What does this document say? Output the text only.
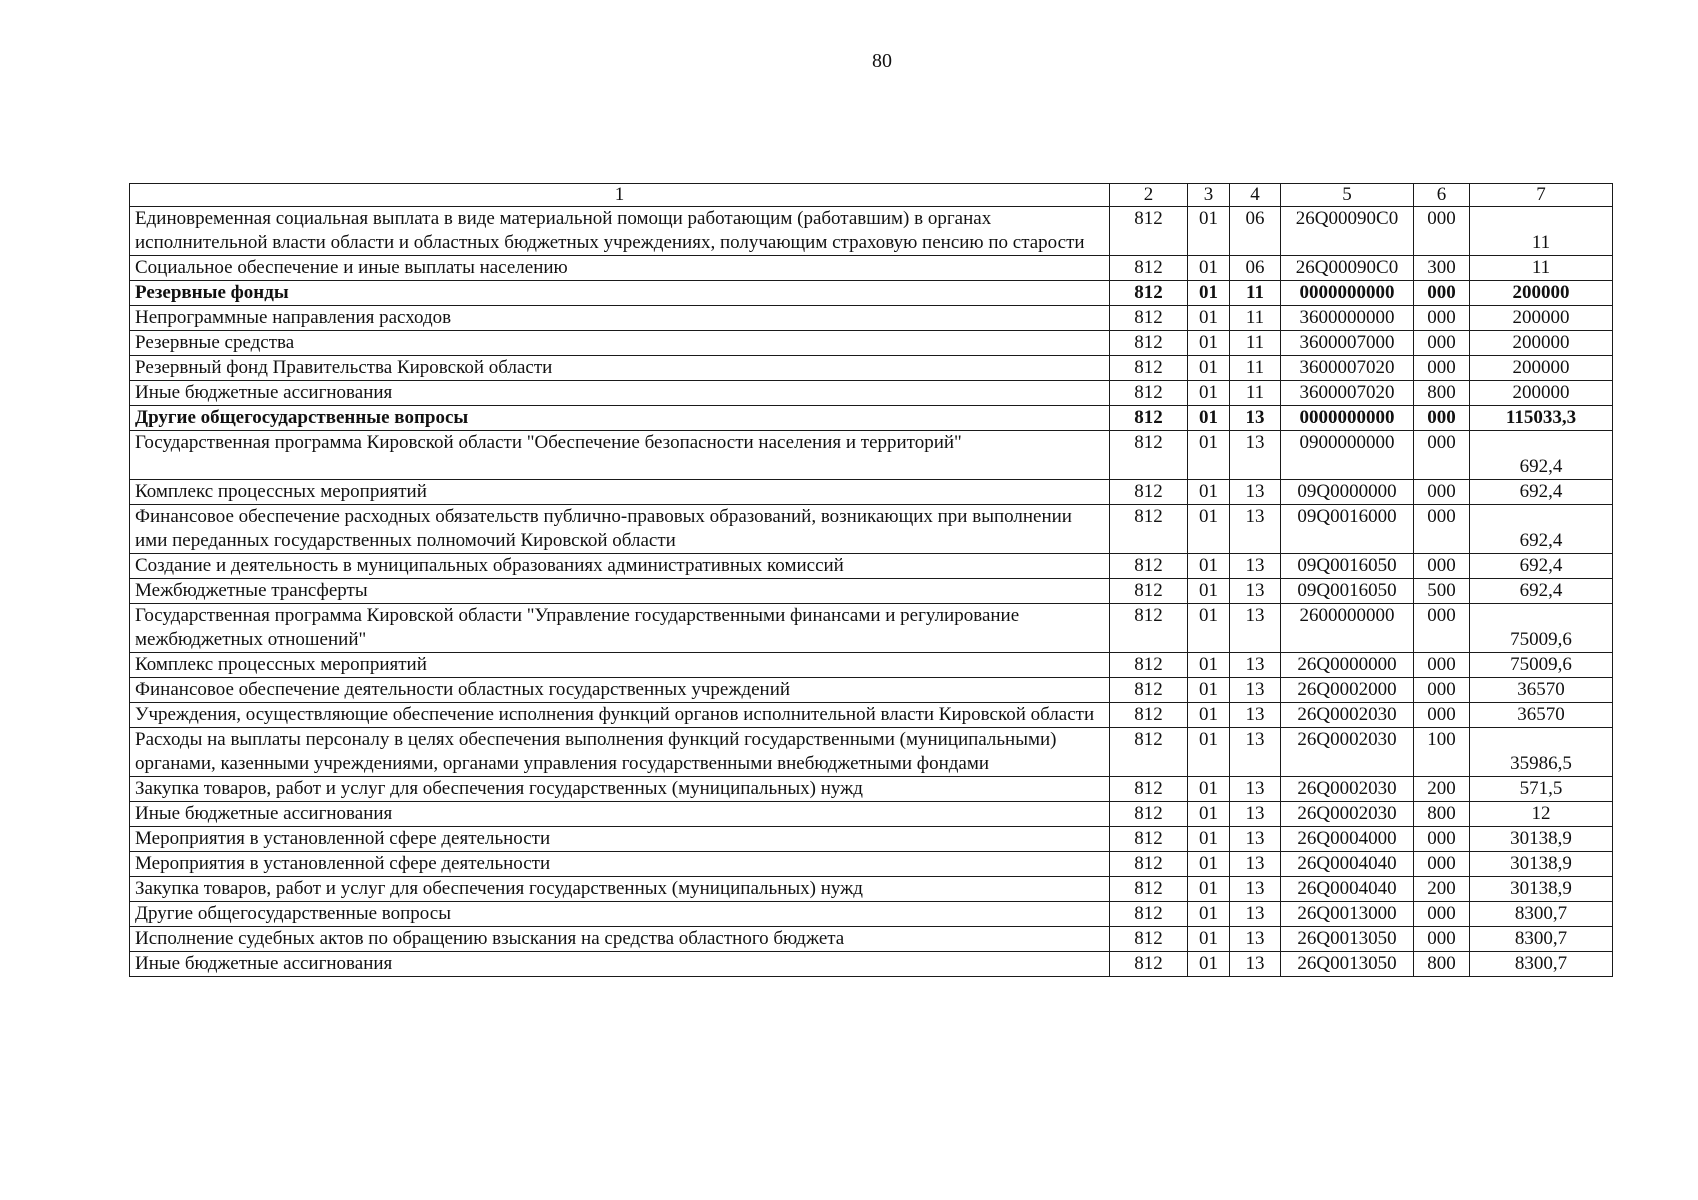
80
1	2	3	4	5	6	7
Единовременная социальная выплата в виде материальной помощи работающим (работавшим) в органах исполнительной власти области и областных бюджетных учреждениях, получающим страховую пенсию по старости	812	01	06	26Q00090C0	000	11
Социальное обеспечение и иные выплаты населению	812	01	06	26Q00090C0	300	11
Резервные фонды	812	01	11	0000000000	000	200000
Непрограммные направления расходов	812	01	11	3600000000	000	200000
Резервные средства	812	01	11	3600007000	000	200000
Резервный фонд Правительства Кировской области	812	01	11	3600007020	000	200000
Иные бюджетные ассигнования	812	01	11	3600007020	800	200000
Другие общегосударственные вопросы	812	01	13	0000000000	000	115033,3
Государственная программа Кировской области "Обеспечение безопасности населения и территорий"	812	01	13	0900000000	000	692,4
Комплекс процессных мероприятий	812	01	13	09Q0000000	000	692,4
Финансовое обеспечение расходных обязательств публично-правовых образований, возникающих при выполнении ими переданных государственных полномочий Кировской области	812	01	13	09Q0016000	000	692,4
Создание и деятельность в муниципальных образованиях административных комиссий	812	01	13	09Q0016050	000	692,4
Межбюджетные трансферты	812	01	13	09Q0016050	500	692,4
Государственная программа Кировской области "Управление государственными финансами и регулирование межбюджетных отношений"	812	01	13	2600000000	000	75009,6
Комплекс процессных мероприятий	812	01	13	26Q0000000	000	75009,6
Финансовое обеспечение деятельности областных государственных учреждений	812	01	13	26Q0002000	000	36570
Учреждения, осуществляющие обеспечение исполнения функций органов исполнительной власти Кировской области	812	01	13	26Q0002030	000	36570
Расходы на выплаты персоналу в целях обеспечения выполнения функций государственными (муниципальными) органами, казенными учреждениями, органами управления государственными внебюджетными фондами	812	01	13	26Q0002030	100	35986,5
Закупка товаров, работ и услуг для обеспечения государственных (муниципальных) нужд	812	01	13	26Q0002030	200	571,5
Иные бюджетные ассигнования	812	01	13	26Q0002030	800	12
Мероприятия в установленной сфере деятельности	812	01	13	26Q0004000	000	30138,9
Мероприятия в установленной сфере деятельности	812	01	13	26Q0004040	000	30138,9
Закупка товаров, работ и услуг для обеспечения государственных (муниципальных) нужд	812	01	13	26Q0004040	200	30138,9
Другие общегосударственные вопросы	812	01	13	26Q0013000	000	8300,7
Исполнение судебных актов по обращению взыскания на средства областного бюджета	812	01	13	26Q0013050	000	8300,7
Иные бюджетные ассигнования	812	01	13	26Q0013050	800	8300,7
